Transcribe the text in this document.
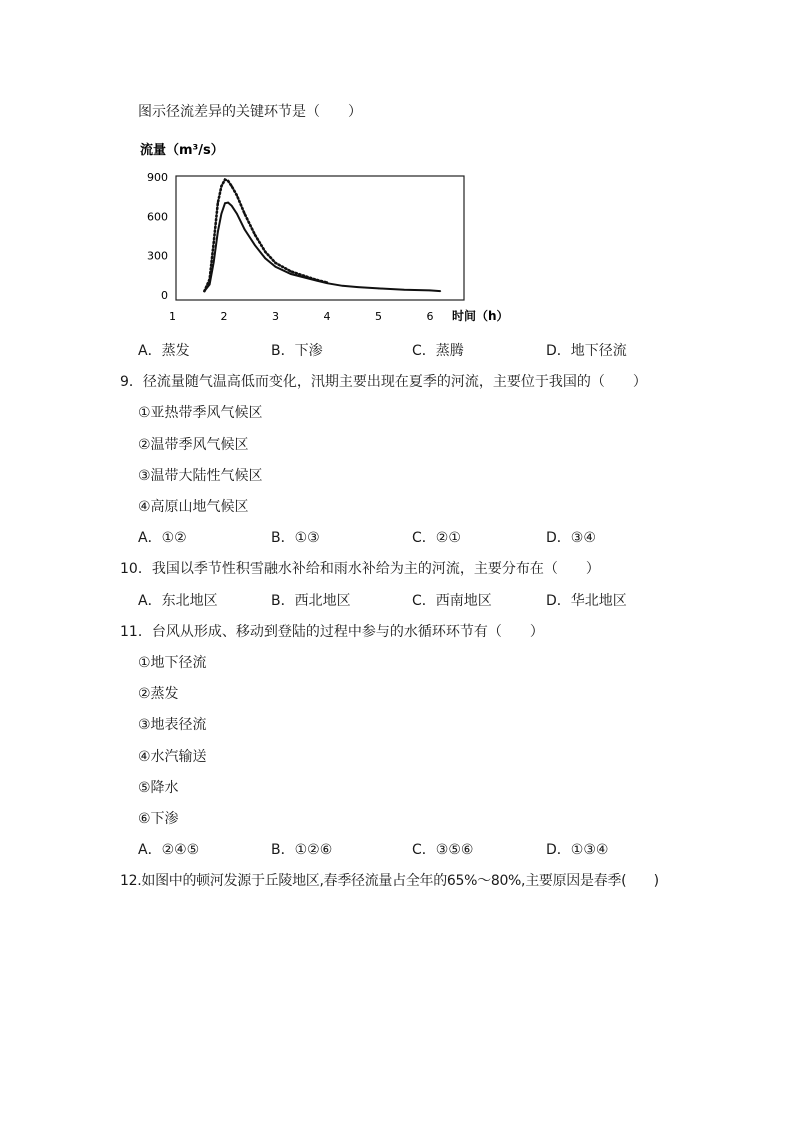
图示径流差异的关键环节是（　　）
流量（m³/s）
900
600
300
0
1	2	3	4	5	6 时间（h）
A．蒸发	B．下渗	C．蒸腾	D．地下径流
9．径流量随气温高低而变化，汛期主要出现在夏季的河流，主要位于我国的（　　）
①亚热带季风气候区
②温带季风气候区
③温带大陆性气候区
④高原山地气候区
A．①②	B．①③	C．②①	D．③④
10．我国以季节性积雪融水补给和雨水补给为主的河流，主要分布在（　　）
A．东北地区	B．西北地区	C．西南地区	D．华北地区
11．台风从形成、移动到登陆的过程中参与的水循环环节有（　　）
①地下径流
②蒸发
③地表径流
④水汽输送
⑤降水
⑥下渗
A．②④⑤	B．①②⑥	C．③⑤⑥	D．①③④
12.如图中的顿河发源于丘陵地区,春季径流量占全年的65%～80%,主要原因是春季(　　)
